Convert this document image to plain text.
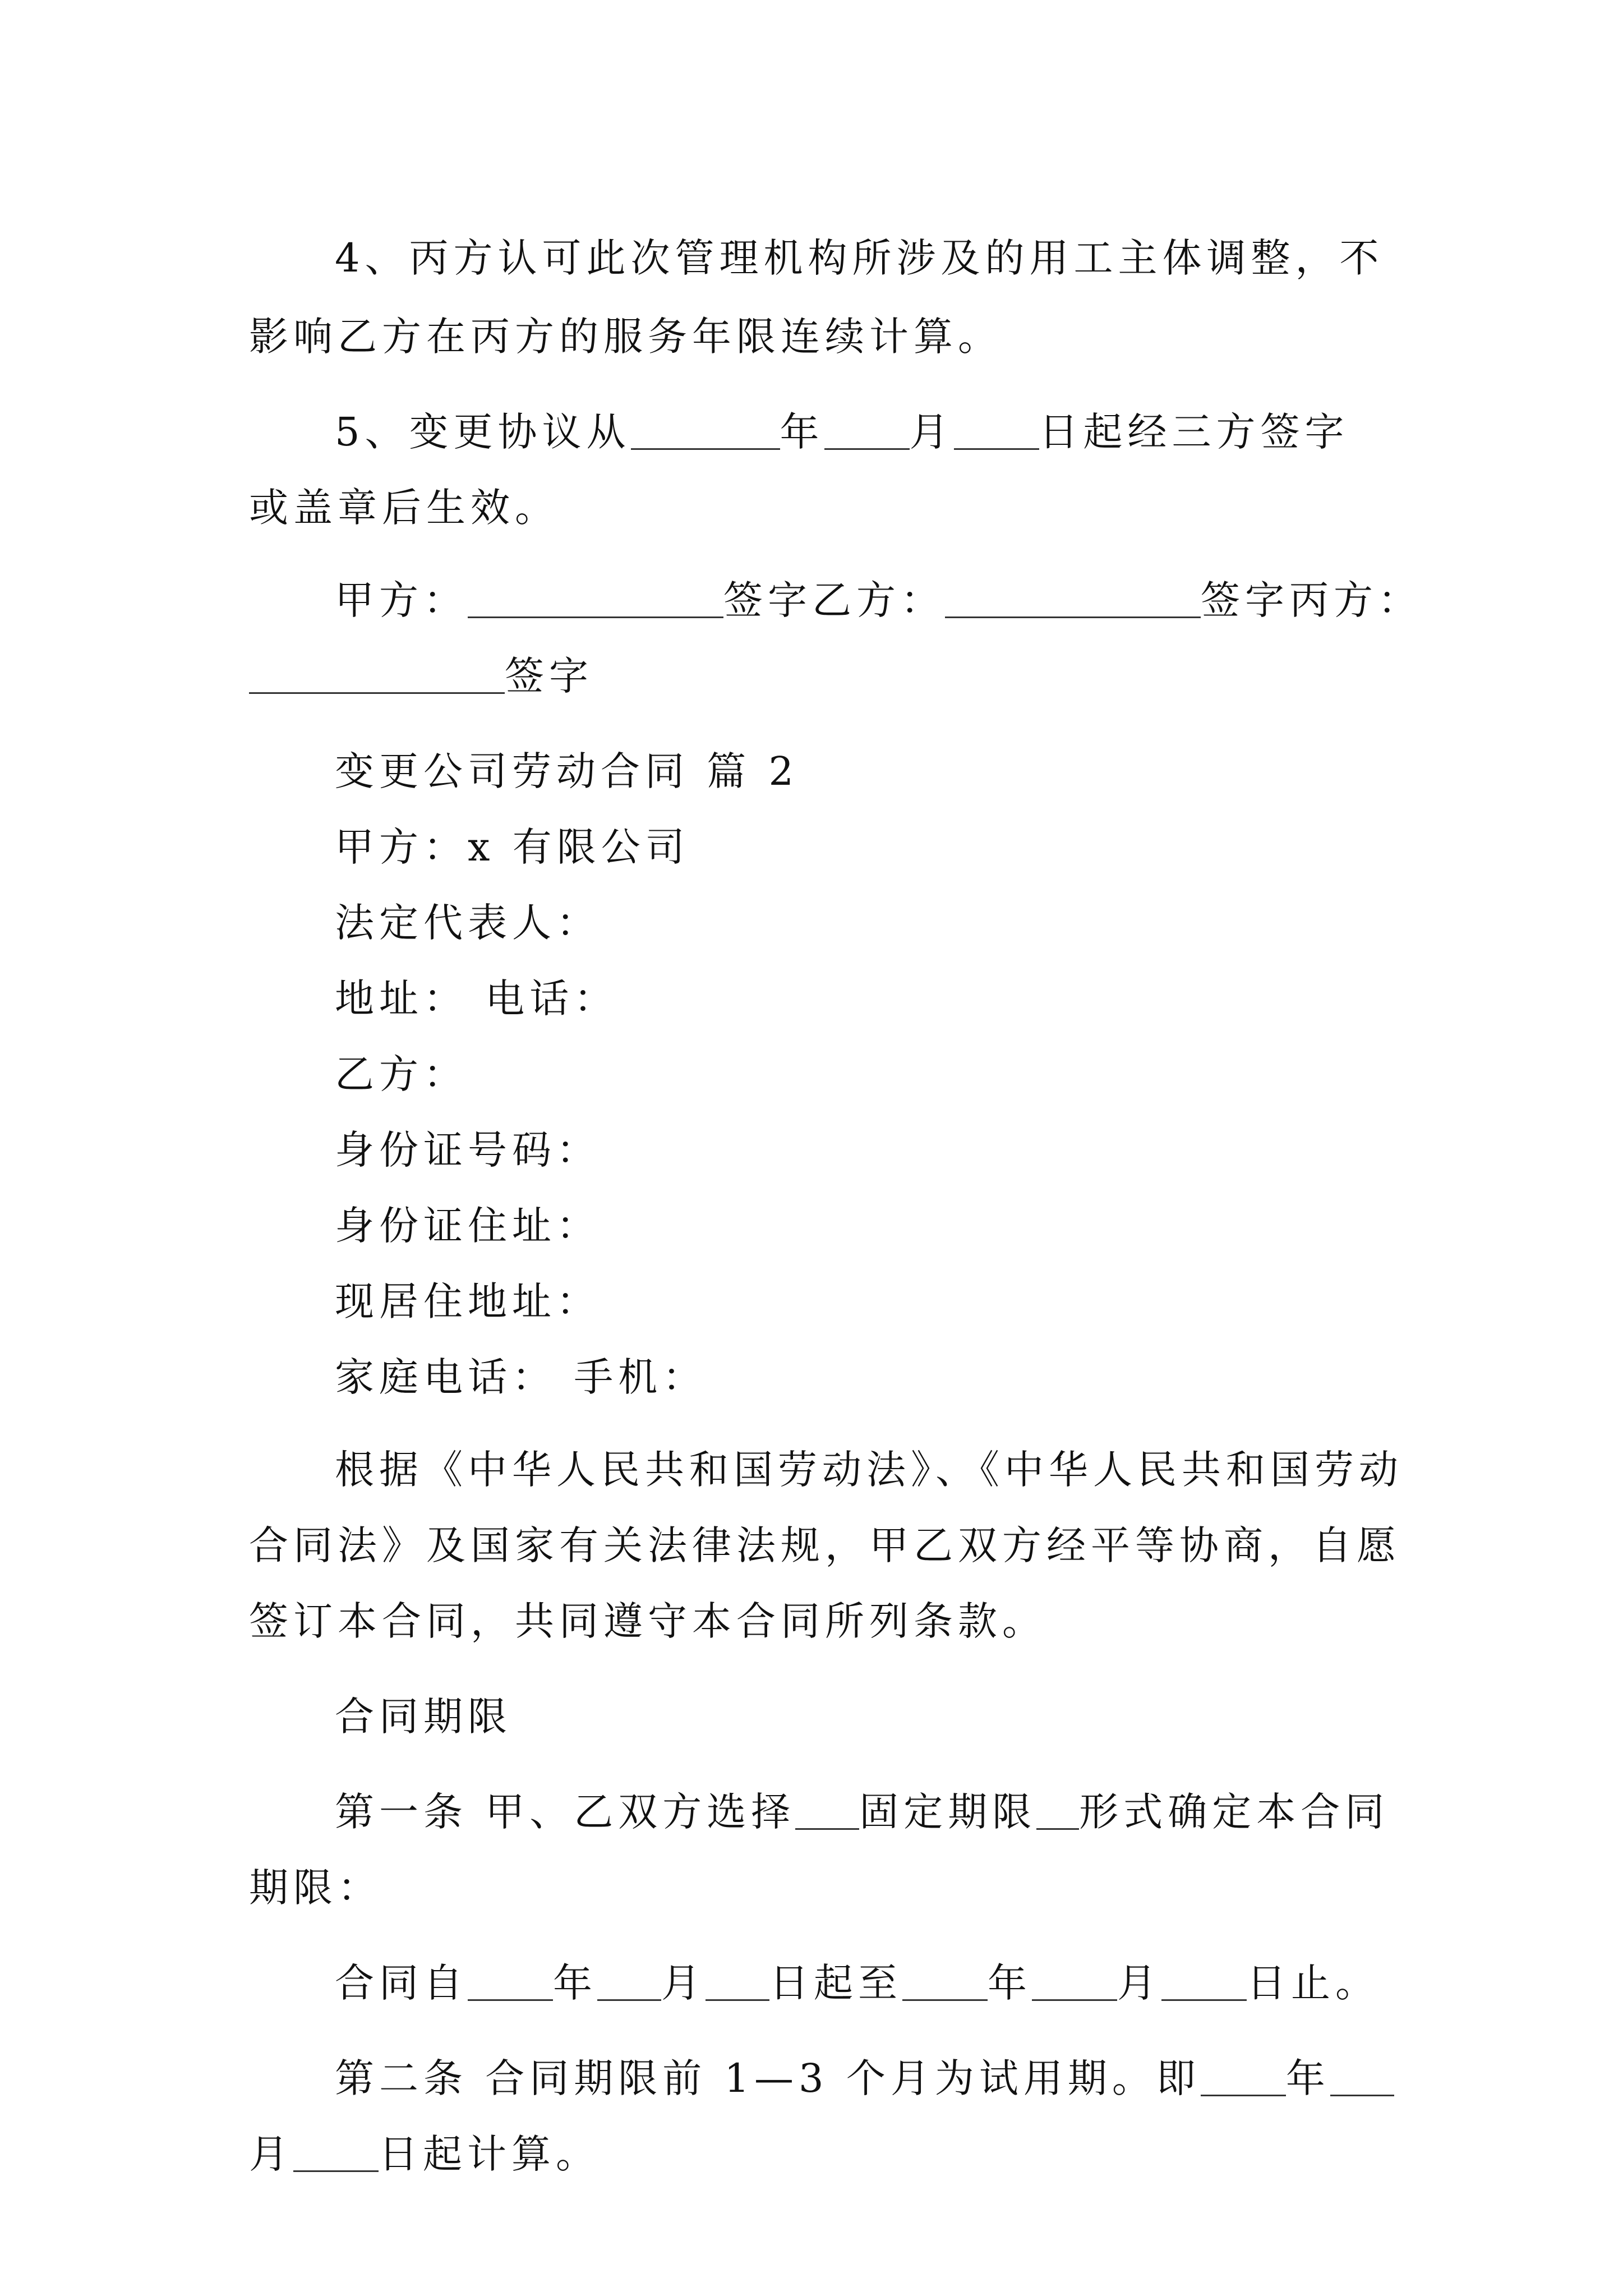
4、丙方认可此次管理机构所涉及的用工主体调整，不
影响乙方在丙方的服务年限连续计算。
5、变更协议从	年 月 日起经三方签字
或盖章后生效。
甲方：	签字乙方：	签字丙方：
签字
变更公司劳动合同 篇 2
甲方：x 有限公司
法定代表人：
地址： 电话：
乙方：
身份证号码：
身份证住址：
现居住地址：
家庭电话： 手机：
根据《中华人民共和国劳动法》、《中华人民共和国劳动
合同法》及国家有关法律法规，甲乙双方经平等协商，自愿
签订本合同，共同遵守本合同所列条款。
合同期限
第一条 甲、乙双方选择 固定期限 形式确定本合同
期限：
合同自 年 月 日起至 年 月 日止。
第二条 合同期限前 1—3 个月为试用期。即 年
月 日起计算。
